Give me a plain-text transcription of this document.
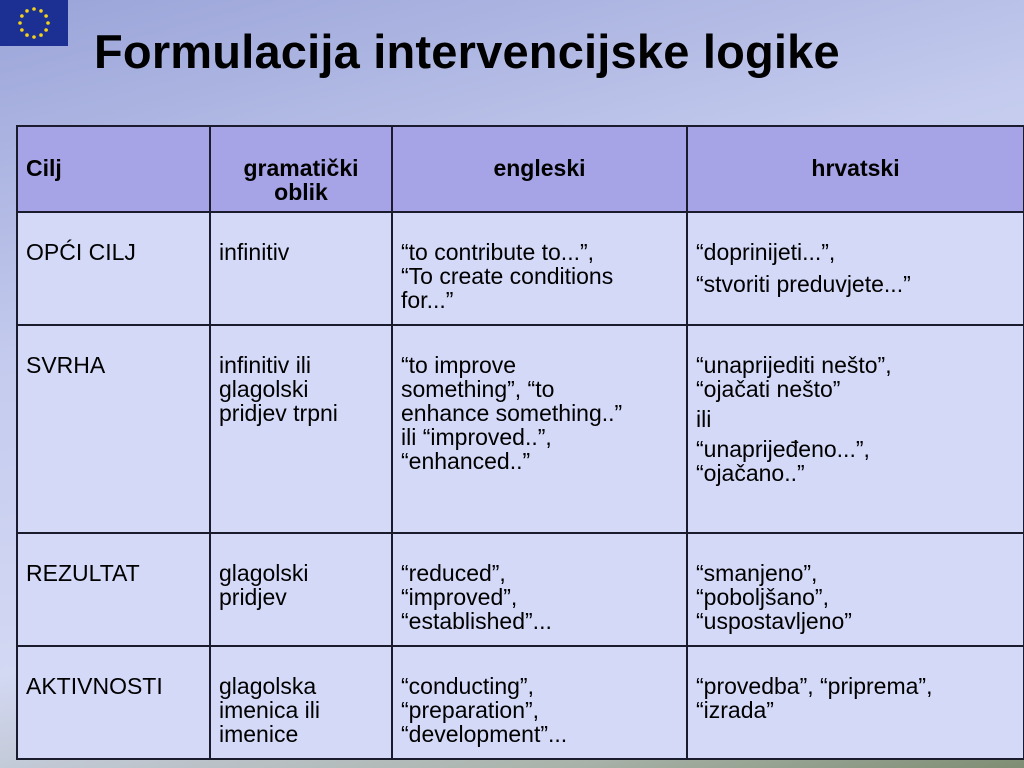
Formulacija intervencijske logike
Cilj	gramatički oblik	engleski	hrvatski
OPĆI CILJ	infinitiv	“to contribute to...”,
“To create conditions
for...”	“doprinijeti...”,
“stvoriti preduvjete...”

SVRHA	infinitiv ili
glagolski
pridjev trpni	“to improve
something”, “to
enhance something..”
ili “improved..”,
“enhanced..”	“unaprijediti nešto”,
“ojačati nešto”
ili
“unaprijeđeno...”,
“ojačano..”

REZULTAT	glagolski
pridjev	“reduced”,
“improved”,
“established”...	“smanjeno”,
“poboljšano”,
“uspostavljeno”

AKTIVNOSTI	glagolska
imenica ili
imenice	“conducting”,
“preparation”,
“development”...	“provedba”, “priprema”,
“izrada”
